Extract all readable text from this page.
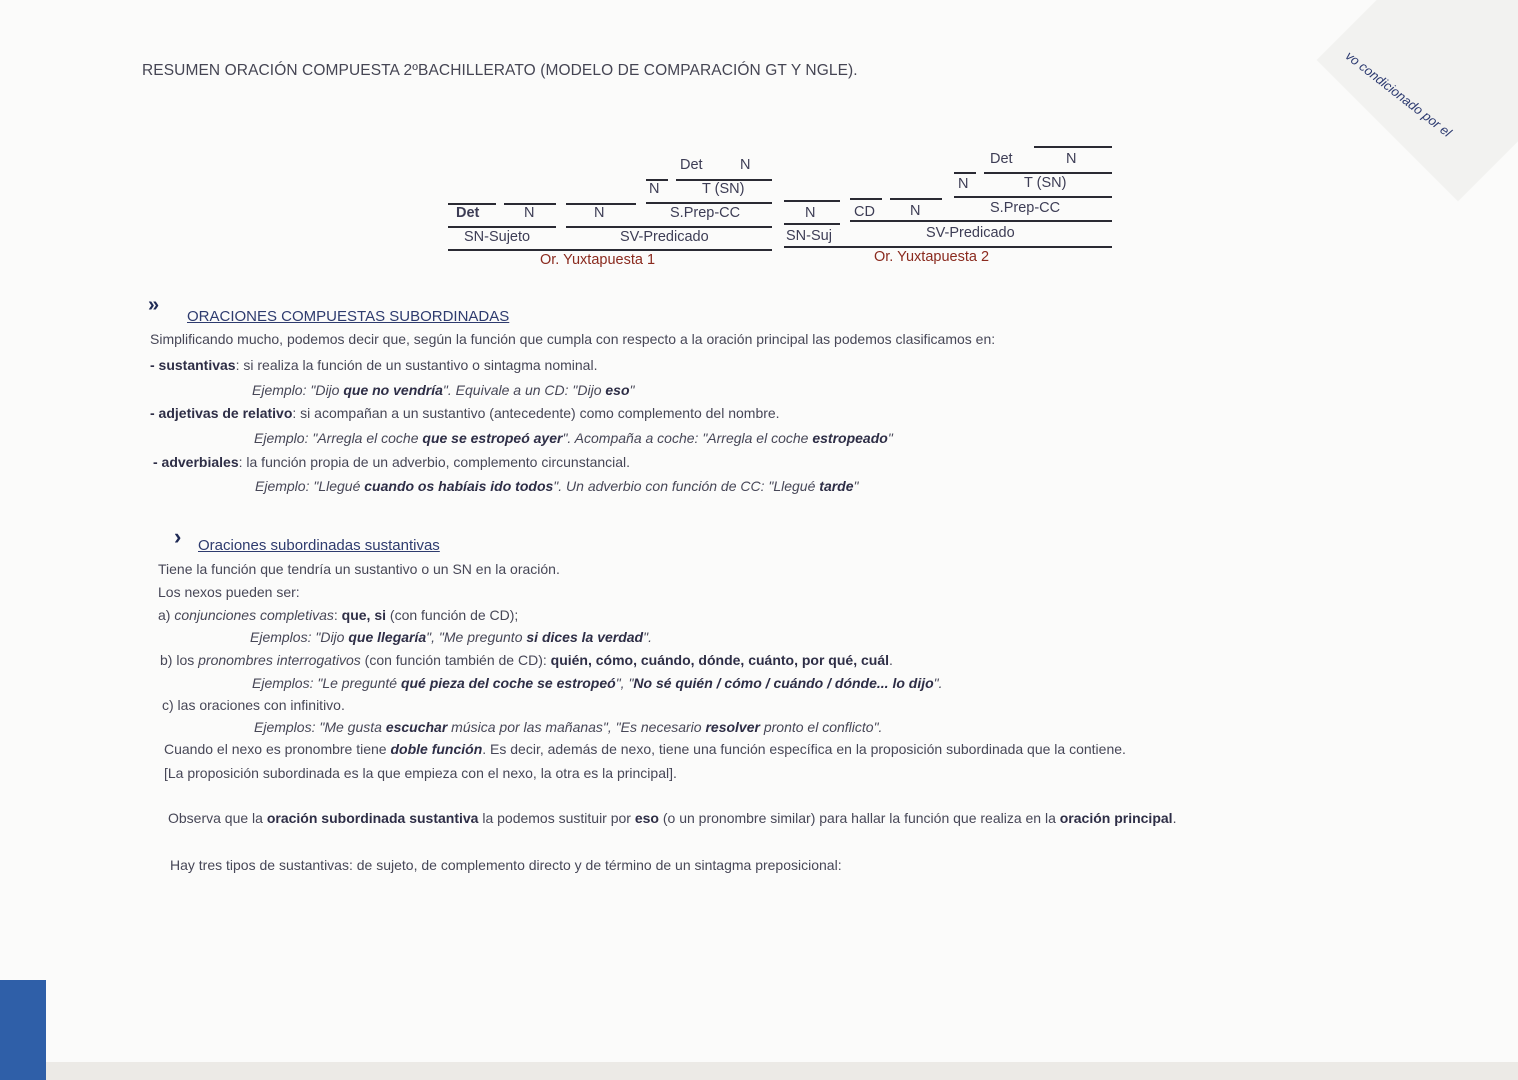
vo condicionado por el
RESUMEN ORACIÓN COMPUESTA 2ºBACHILLERATO (MODELO DE COMPARACIÓN GT Y NGLE).
Det	N
N	T (SN)
Det	N	N	S.Prep-CC
SN-Sujeto	SV-Predicado
Or. Yuxtapuesta 1
Det	N
N	T (SN)
N	CD N	S.Prep-CC
SN-Suj	SV-Predicado
Or. Yuxtapuesta 2
»
ORACIONES COMPUESTAS SUBORDINADAS
Simplificando mucho, podemos decir que, según la función que cumpla con respecto a la oración principal las podemos clasificamos en:
- sustantivas: si realiza la función de un sustantivo o sintagma nominal.
Ejemplo: "Dijo que no vendría". Equivale a un CD: "Dijo eso"
- adjetivas de relativo: si acompañan a un sustantivo (antecedente) como complemento del nombre.
Ejemplo: "Arregla el coche que se estropeó ayer". Acompaña a coche: "Arregla el coche estropeado"
- adverbiales: la función propia de un adverbio, complemento circunstancial.
Ejemplo: "Llegué cuando os habíais ido todos". Un adverbio con función de CC: "Llegué tarde"
› Oraciones subordinadas sustantivas
Tiene la función que tendría un sustantivo o un SN en la oración.
Los nexos pueden ser:
a) conjunciones completivas: que, si (con función de CD);
Ejemplos: "Dijo que llegaría", "Me pregunto si dices la verdad".
b) los pronombres interrogativos (con función también de CD): quién, cómo, cuándo, dónde, cuánto, por qué, cuál.
Ejemplos: "Le pregunté qué pieza del coche se estropeó", "No sé quién / cómo / cuándo / dónde... lo dijo".
c) las oraciones con infinitivo.
Ejemplos: "Me gusta escuchar música por las mañanas", "Es necesario resolver pronto el conflicto".
Cuando el nexo es pronombre tiene doble función. Es decir, además de nexo, tiene una función específica en la proposición subordinada que la contiene.
[La proposición subordinada es la que empieza con el nexo, la otra es la principal].
Observa que la oración subordinada sustantiva la podemos sustituir por eso (o un pronombre similar) para hallar la función que realiza en la oración principal.
Hay tres tipos de sustantivas: de sujeto, de complemento directo y de término de un sintagma preposicional:
